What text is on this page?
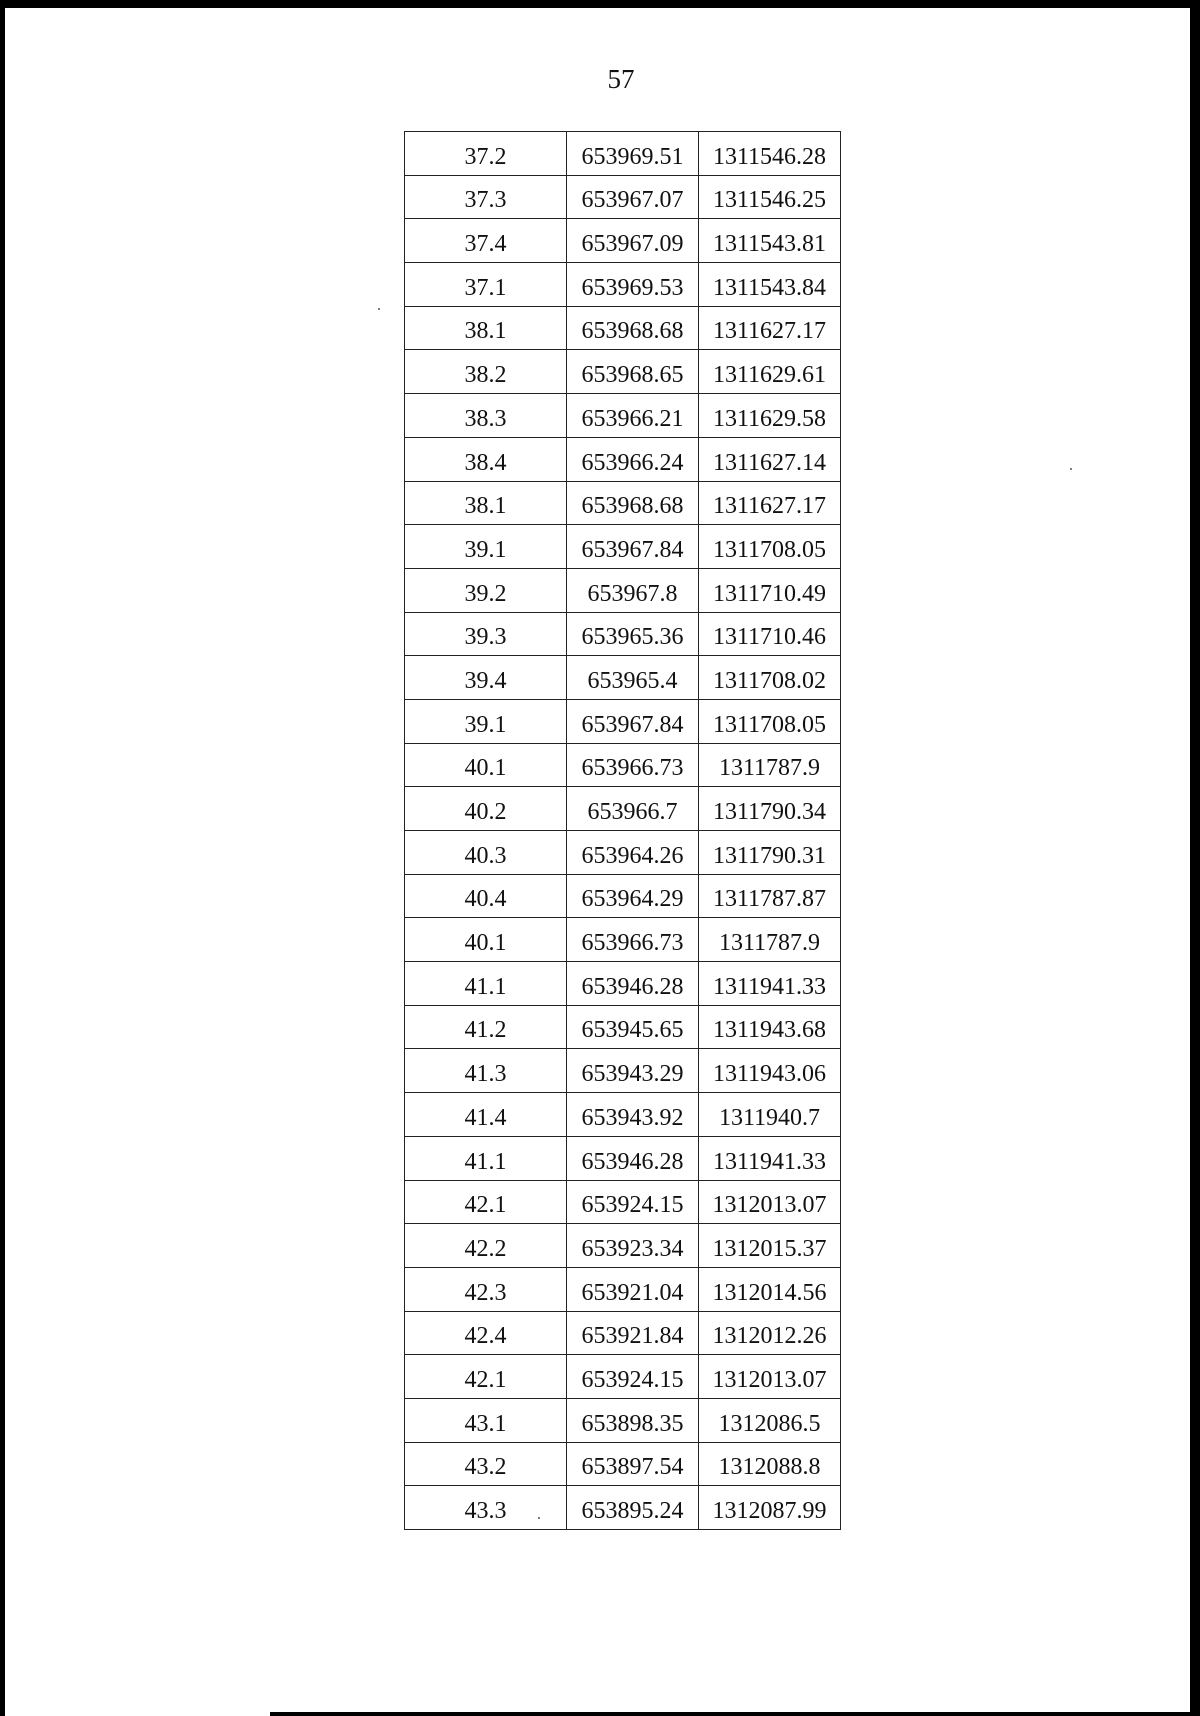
57
37.2	653969.51	1311546.28
37.3	653967.07	1311546.25
37.4	653967.09	1311543.81
37.1	653969.53	1311543.84
38.1	653968.68	1311627.17
38.2	653968.65	1311629.61
38.3	653966.21	1311629.58
38.4	653966.24	1311627.14
38.1	653968.68	1311627.17
39.1	653967.84	1311708.05
39.2	653967.8	1311710.49
39.3	653965.36	1311710.46
39.4	653965.4	1311708.02
39.1	653967.84	1311708.05
40.1	653966.73	1311787.9
40.2	653966.7	1311790.34
40.3	653964.26	1311790.31
40.4	653964.29	1311787.87
40.1	653966.73	1311787.9
41.1	653946.28	1311941.33
41.2	653945.65	1311943.68
41.3	653943.29	1311943.06
41.4	653943.92	1311940.7
41.1	653946.28	1311941.33
42.1	653924.15	1312013.07
42.2	653923.34	1312015.37
42.3	653921.04	1312014.56
42.4	653921.84	1312012.26
42.1	653924.15	1312013.07
43.1	653898.35	1312086.5
43.2	653897.54	1312088.8
43.3	653895.24	1312087.99
